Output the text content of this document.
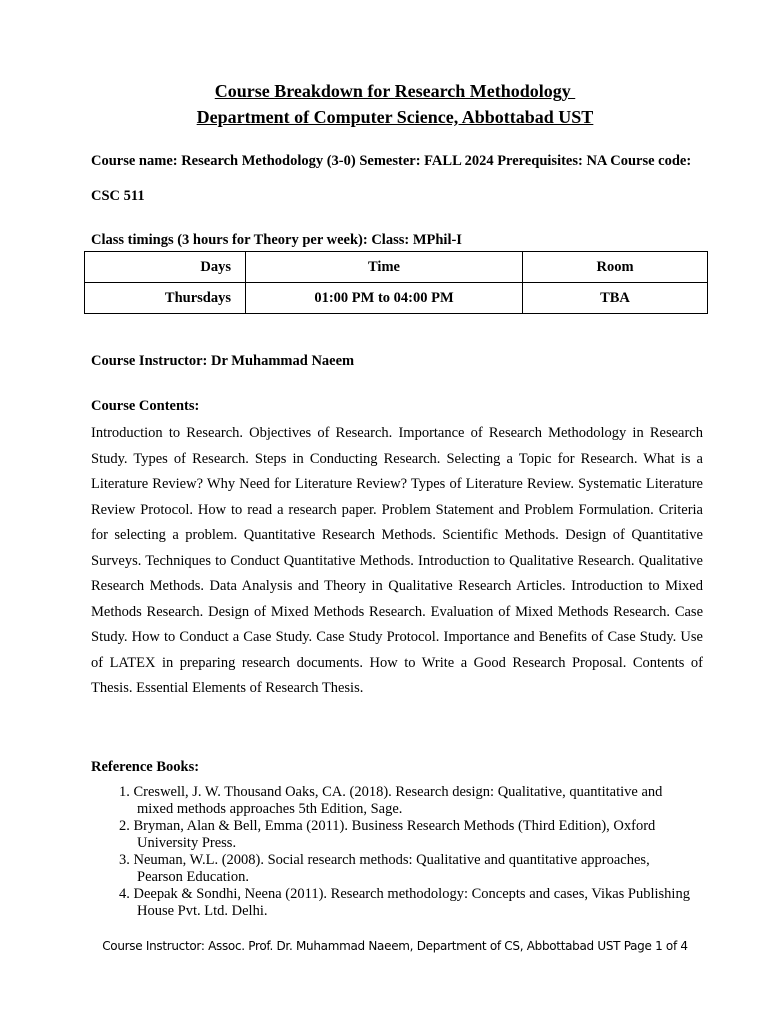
Course Breakdown for Research Methodology
Department of Computer Science, Abbottabad UST
Course name: Research Methodology (3-0) Semester: FALL 2024 Prerequisites: NA Course code: CSC 511
Class timings (3 hours for Theory per week): Class: MPhil-I
Days	Time	Room
Thursdays	01:00 PM to 04:00 PM	TBA
Course Instructor: Dr Muhammad Naeem
Course Contents:
Introduction to Research. Objectives of Research. Importance of Research Methodology in Research Study. Types of Research. Steps in Conducting Research. Selecting a Topic for Research. What is a Literature Review? Why Need for Literature Review? Types of Literature Review. Systematic Literature Review Protocol. How to read a research paper. Problem Statement and Problem Formulation. Criteria for selecting a problem. Quantitative Research Methods. Scientific Methods. Design of Quantitative Surveys. Techniques to Conduct Quantitative Methods. Introduction to Qualitative Research. Qualitative Research Methods. Data Analysis and Theory in Qualitative Research Articles. Introduction to Mixed Methods Research. Design of Mixed Methods Research. Evaluation of Mixed Methods Research. Case Study. How to Conduct a Case Study. Case Study Protocol. Importance and Benefits of Case Study. Use of LATEX in preparing research documents. How to Write a Good Research Proposal. Contents of Thesis. Essential Elements of Research Thesis.
Reference Books:
1. Creswell, J. W. Thousand Oaks, CA. (2018). Research design: Qualitative, quantitative and mixed methods approaches 5th Edition, Sage.
2. Bryman, Alan & Bell, Emma (2011). Business Research Methods (Third Edition), Oxford University Press.
3. Neuman, W.L. (2008). Social research methods: Qualitative and quantitative approaches, Pearson Education.
4. Deepak & Sondhi, Neena (2011). Research methodology: Concepts and cases, Vikas Publishing House Pvt. Ltd. Delhi.
Course Instructor: Assoc. Prof. Dr. Muhammad Naeem, Department of CS, Abbottabad UST Page 1 of 4
